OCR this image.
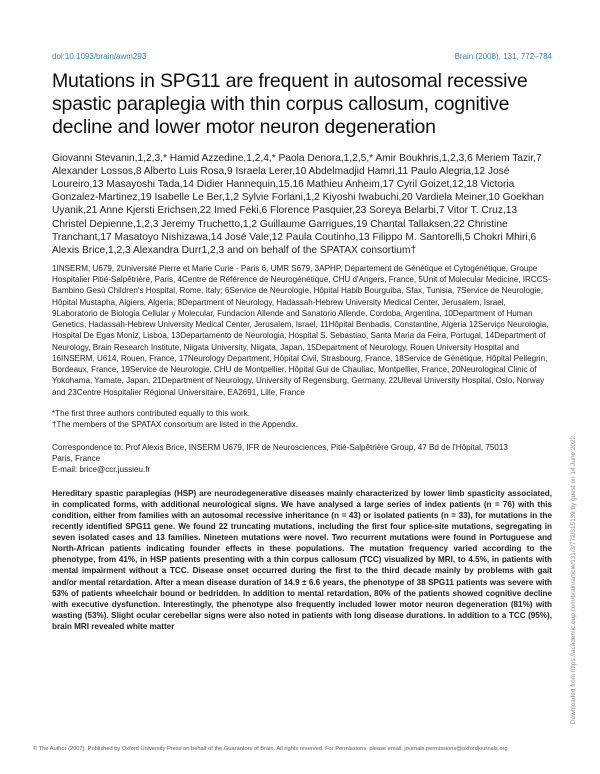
doi:10.1093/brain/awm293	Brain (2008), 131, 772–784
Mutations in SPG11 are frequent in autosomal recessive spastic paraplegia with thin corpus callosum, cognitive decline and lower motor neuron degeneration
Giovanni Stevanin,1,2,3,* Hamid Azzedine,1,2,4,* Paola Denora,1,2,5,* Amir Boukhris,1,2,3,6 Meriem Tazir,7 Alexander Lossos,8 Alberto Luis Rosa,9 Israela Lerer,10 Abdelmadjid Hamri,11 Paulo Alegria,12 José Loureiro,13 Masayoshi Tada,14 Didier Hannequin,15,16 Mathieu Anheim,17 Cyril Goizet,12,18 Victoria Gonzalez-Martinez,19 Isabelle Le Ber,1,2 Sylvie Forlani,1,2 Kiyoshi Iwabuchi,20 Vardiela Meiner,10 Goekhan Uyanik,21 Anne Kjersti Erichsen,22 Imed Feki,6 Florence Pasquier,23 Soreya Belarbi,7 Vitor T. Cruz,13 Christel Depienne,1,2,3 Jeremy Truchetto,1,2 Guillaume Garrigues,19 Chantal Tallaksen,22 Christine Tranchant,17 Masatoyo Nishizawa,14 José Vale,12 Paula Coutinho,13 Filippo M. Santorelli,5 Chokri Mhiri,6 Alexis Brice,1,2,3 Alexandra Durr1,2,3 and on behalf of the SPATAX consortium†
1INSERM, U679, 2Université Pierre et Marie Curie - Paris 6, UMR S679, 3APHP, Département de Génétique et Cytogénétique, Groupe Hospitalier Pitié-Salpêtrière, Paris, 4Centre de Référence de Neurogénétique, CHU d'Angers, France, 5Unit of Molecular Medicine, IRCCS-Bambino Gesù Children's Hospital, Rome, Italy; 6Service de Neurologie, Hôpital Habib Bourguiba, Sfax, Tunisia, 7Service de Neurologie, Hôpital Mustapha, Algiers, Algeria, 8Department of Neurology, Hadassah-Hebrew University Medical Center, Jerusalem, Israel, 9Laboratorio de Biologia Cellular y Molecular, Fundacion Allende and Sanatorio Allende, Cordoba, Argentina, 10Department of Human Genetics, Hadassah-Hebrew University Medical Center, Jerusalem, Israel, 11Hôpital Benbadis, Constantine, Algeria 12Serviço Neurologia, Hospital De Egas Moniz, Lisboa, 13Departamento de Neurologia, Hospital S. Sebastiao, Santa Maria da Feira, Portugal, 14Department of Neurology, Brain Research Institute, Niigata University, Niigata, Japan, 15Department of Neurology, Rouen University Hospital and 16INSERM, U614, Rouen, France, 17Neurology Department, Hôpital Civil, Strasbourg, France, 18Service de Génétique, Hôpital Pellegrin, Bordeaux, France, 19Service de Neurologie, CHU de Montpellier, Hôpital Gui de Chauliac, Montpellier, France, 20Neurological Clinic of Yokohama, Yamate, Japan, 21Department of Neurology, University of Regensburg, Germany, 22Ulleval University Hospital, Oslo, Norway and 23Centre Hospitalier Régional Universitaire, EA2691, Lille, France
*The first three authors contributed equally to this work.
†The members of the SPATAX consortium are listed in the Appendix.
Correspondence to: Prof Alexis Brice, INSERM U679, IFR de Neurosciences, Pitié-Salpêtrière Group, 47 Bd de l'Hôpital, 75013
Paris, France
E-mail: brice@ccr.jussieu.fr
Hereditary spastic paraplegias (HSP) are neurodegenerative diseases mainly characterized by lower limb spasticity associated, in complicated forms, with additional neurological signs. We have analysed a large series of index patients (n = 76) with this condition, either from families with an autosomal recessive inheritance (n = 43) or isolated patients (n = 33), for mutations in the recently identified SPG11 gene. We found 22 truncating mutations, including the first four splice-site mutations, segregating in seven isolated cases and 13 families. Nineteen mutations were novel. Two recurrent mutations were found in Portuguese and North-African patients indicating founder effects in these populations. The mutation frequency varied according to the phenotype, from 41%, in HSP patients presenting with a thin corpus callosum (TCC) visualized by MRI, to 4.5%, in patients with mental impairment without a TCC. Disease onset occurred during the first to the third decade mainly by problems with gait and/or mental retardation. After a mean disease duration of 14.9 ± 6.6 years, the phenotype of 38 SPG11 patients was severe with 53% of patients wheelchair bound or bedridden. In addition to mental retardation, 80% of the patients showed cognitive decline with executive dysfunction. Interestingly, the phenotype also frequently included lower motor neuron degeneration (81%) with wasting (53%). Slight ocular cerebellar signs were also noted in patients with long disease durations. In addition to a TCC (95%), brain MRI revealed white matter
© The Author (2007). Published by Oxford University Press on behalf of the Guarantors of Brain. All rights reserved. For Permissions, please email: journals.permissions@oxfordjournals.org
Downloaded from https://academic.oup.com/brain/article/131/3/772/315139 by guest on 14 June 2022
